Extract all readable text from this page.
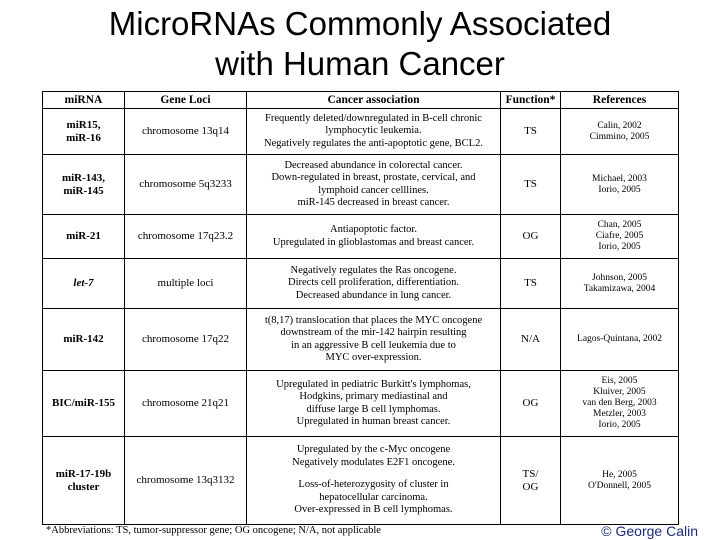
MicroRNAs Commonly Associated
with Human Cancer
miRNA	Gene Loci	Cancer association	Function*	References

miR15,
miR-16	chromosome 13q14	Frequently deleted/downregulated in B-cell chronic
lymphocytic leukemia.
Negatively regulates the anti-apoptotic gene, BCL2.	TS	Calin, 2002
Cimmino, 2005

miR-143,
miR-145	chromosome 5q3233	Decreased abundance in colorectal cancer.
Down-regulated in breast, prostate, cervical, and
lymphoid cancer celllines.
miR-145 decreased in breast cancer.	TS	Michael, 2003
Iorio, 2005

miR-21	chromosome 17q23.2	Antiapoptotic factor.
Upregulated in glioblastomas and breast cancer.	OG	Chan, 2005
Ciafre, 2005
Iorio, 2005

let-7	multiple loci	Negatively regulates the Ras oncogene.
Directs cell proliferation, differentiation.
Decreased abundance in lung cancer.	TS	Johnson, 2005
Takamizawa, 2004

miR-142	chromosome 17q22	t(8,17) translocation that places the MYC oncogene
downstream of the mir-142 hairpin resulting
in an aggressive B cell leukemia due to
MYC over-expression.	N/A	Lagos-Quintana, 2002

BIC/miR-155	chromosome 21q21	Upregulated in pediatric Burkitt's lymphomas,
Hodgkins, primary mediastinal and
diffuse large B cell lymphomas.
Upregulated in human breast cancer.	OG	Eis, 2005
Kluiver, 2005
van den Berg, 2003
Metzler, 2003
Iorio, 2005

miR-17-19b
cluster	chromosome 13q3132	Upregulated by the c-Myc oncogene
Negatively modulates E2F1 oncogene.
Loss-of-heterozygosity of cluster in
hepatocellular carcinoma.
Over-expressed in B cell lymphomas.	TS/
OG	He, 2005
O'Donnell, 2005
*Abbreviations: TS, tumor-suppressor gene; OG oncogene; N/A, not applicable	© George Calin
